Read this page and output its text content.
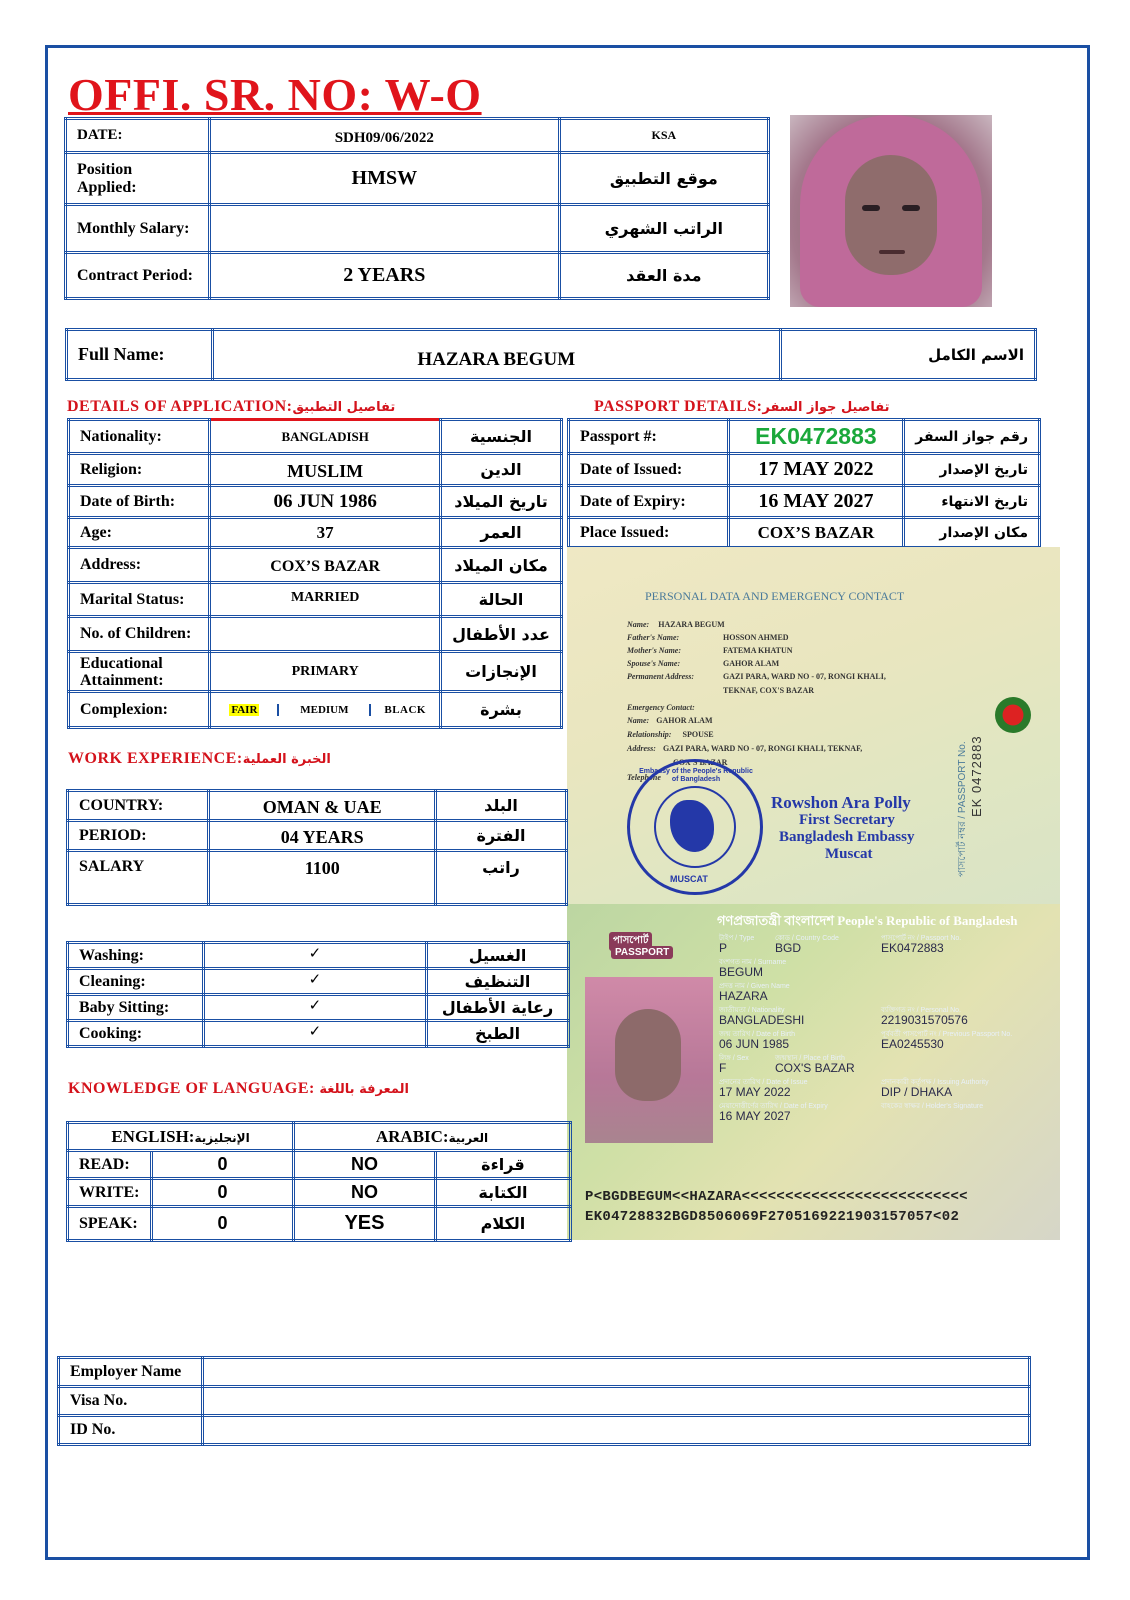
OFFI. SR. NO: W-O
DATE:	SDH09/06/2022	KSA
Position
Applied:	HMSW	موقع التطبيق
Monthly Salary:		الراتب الشهري
Contract Period:	2 YEARS	مدة العقد
Full Name:	HAZARA BEGUM	الاسم الكامل
DETAILS OF APPLICATION:تفاصيل التطبيق	PASSPORT DETAILS:تفاصيل جواز السفر
Nationality:	BANGLADISH	الجنسية
Religion:	MUSLIM	الدين
Date of Birth:	06 JUN 1986	تاريخ الميلاد
Age:	37	العمر
Address:	COX’S BAZAR	مكان الميلاد
Marital Status:	MARRIED	الحالة
No. of Children:		عدد الأطفال
Educational
Attainment:	PRIMARY	الإنجازات
Complexion:	FAIR MEDIUM BLACK	بشرة
Passport #:	EK0472883	رقم جواز السفر
Date of Issued:	17 MAY 2022	تاريخ الإصدار
Date of Expiry:	16 MAY 2027	تاريخ الانتهاء
Place Issued:	COX’S BAZAR	مكان الإصدار
PERSONAL DATA AND EMERGENCY CONTACT
Name: HAZARA BEGUM
Father's Name:	HOSSON AHMED
Mother's Name:	FATEMA KHATUN
Spouse's Name:	GAHOR ALAM
Permanent Address:	GAZI PARA, WARD NO - 07, RONGI KHALI,
TEKNAF, COX'S BAZAR
Emergency Contact:
Name: GAHOR ALAM
Relationship: SPOUSE
Address: GAZI PARA, WARD NO - 07, RONGI KHALI, TEKNAF,
COX'S BAZAR
Telephone
Embassy of the People's Republic of Bangladesh
MUSCAT
Rowshon Ara Polly
First Secretary
Bangladesh Embassy
Muscat	পাসপোর্ট নম্বর / PASSPORT No. EK 0472883
গণপ্রজাতন্ত্রী বাংলাদেশ People's Republic of Bangladesh
পাসপোর্ট
PASSPORT
টাইপ / Type
P
কোড / Country Code
BGD
পাসপোর্ট নং / Passport No.
EK0472883
বংশগত নাম / Surname
BEGUM
প্রদত্ত নাম / Given Name
HAZARA
জাতীয়তা / Nationality
BANGLADESHI
জন্ম তারিখ / Date of Birth
06 JUN 1985
লিঙ্গ / Sex
F
জন্মস্থান / Place of Birth
COX'S BAZAR
প্রদানের তারিখ / Date of Issue
17 MAY 2022
মেয়াদোত্তীর্ণের তারিখ / Date of Expiry
16 MAY 2027
ব্যক্তিগত নং / Personal No.
2219031570576
পূর্ববর্তী পাসপোর্ট নং / Previous Passport No.
EA0245530
প্রদানকারী কর্তৃপক্ষ / Issuing Authority
DIP / DHAKA
বাহকের স্বাক্ষর / Holder's Signature
P<BGDBEGUM<<HAZARA<<<<<<<<<<<<<<<<<<<<<<<<<<
EK04728832BGD8506069F2705169221903157057<02
WORK EXPERIENCE:الخبرة العملية
COUNTRY:	OMAN & UAE	البلد
PERIOD:	04 YEARS	الفترة
SALARY	1100	راتب
Washing:	✓	الغسيل
Cleaning:	✓	التنظيف
Baby Sitting:	✓	رعاية الأطفال
Cooking:	✓	الطبخ
KNOWLEDGE OF LANGUAGE: المعرفة باللغة
ENGLISH:الإنجليزية		ARABIC:العربية	
READ:	0	NO	قراءة
WRITE:	0	NO	الكتابة
SPEAK:	0	YES	الكلام
Employer Name	
Visa No.	
ID No.	
